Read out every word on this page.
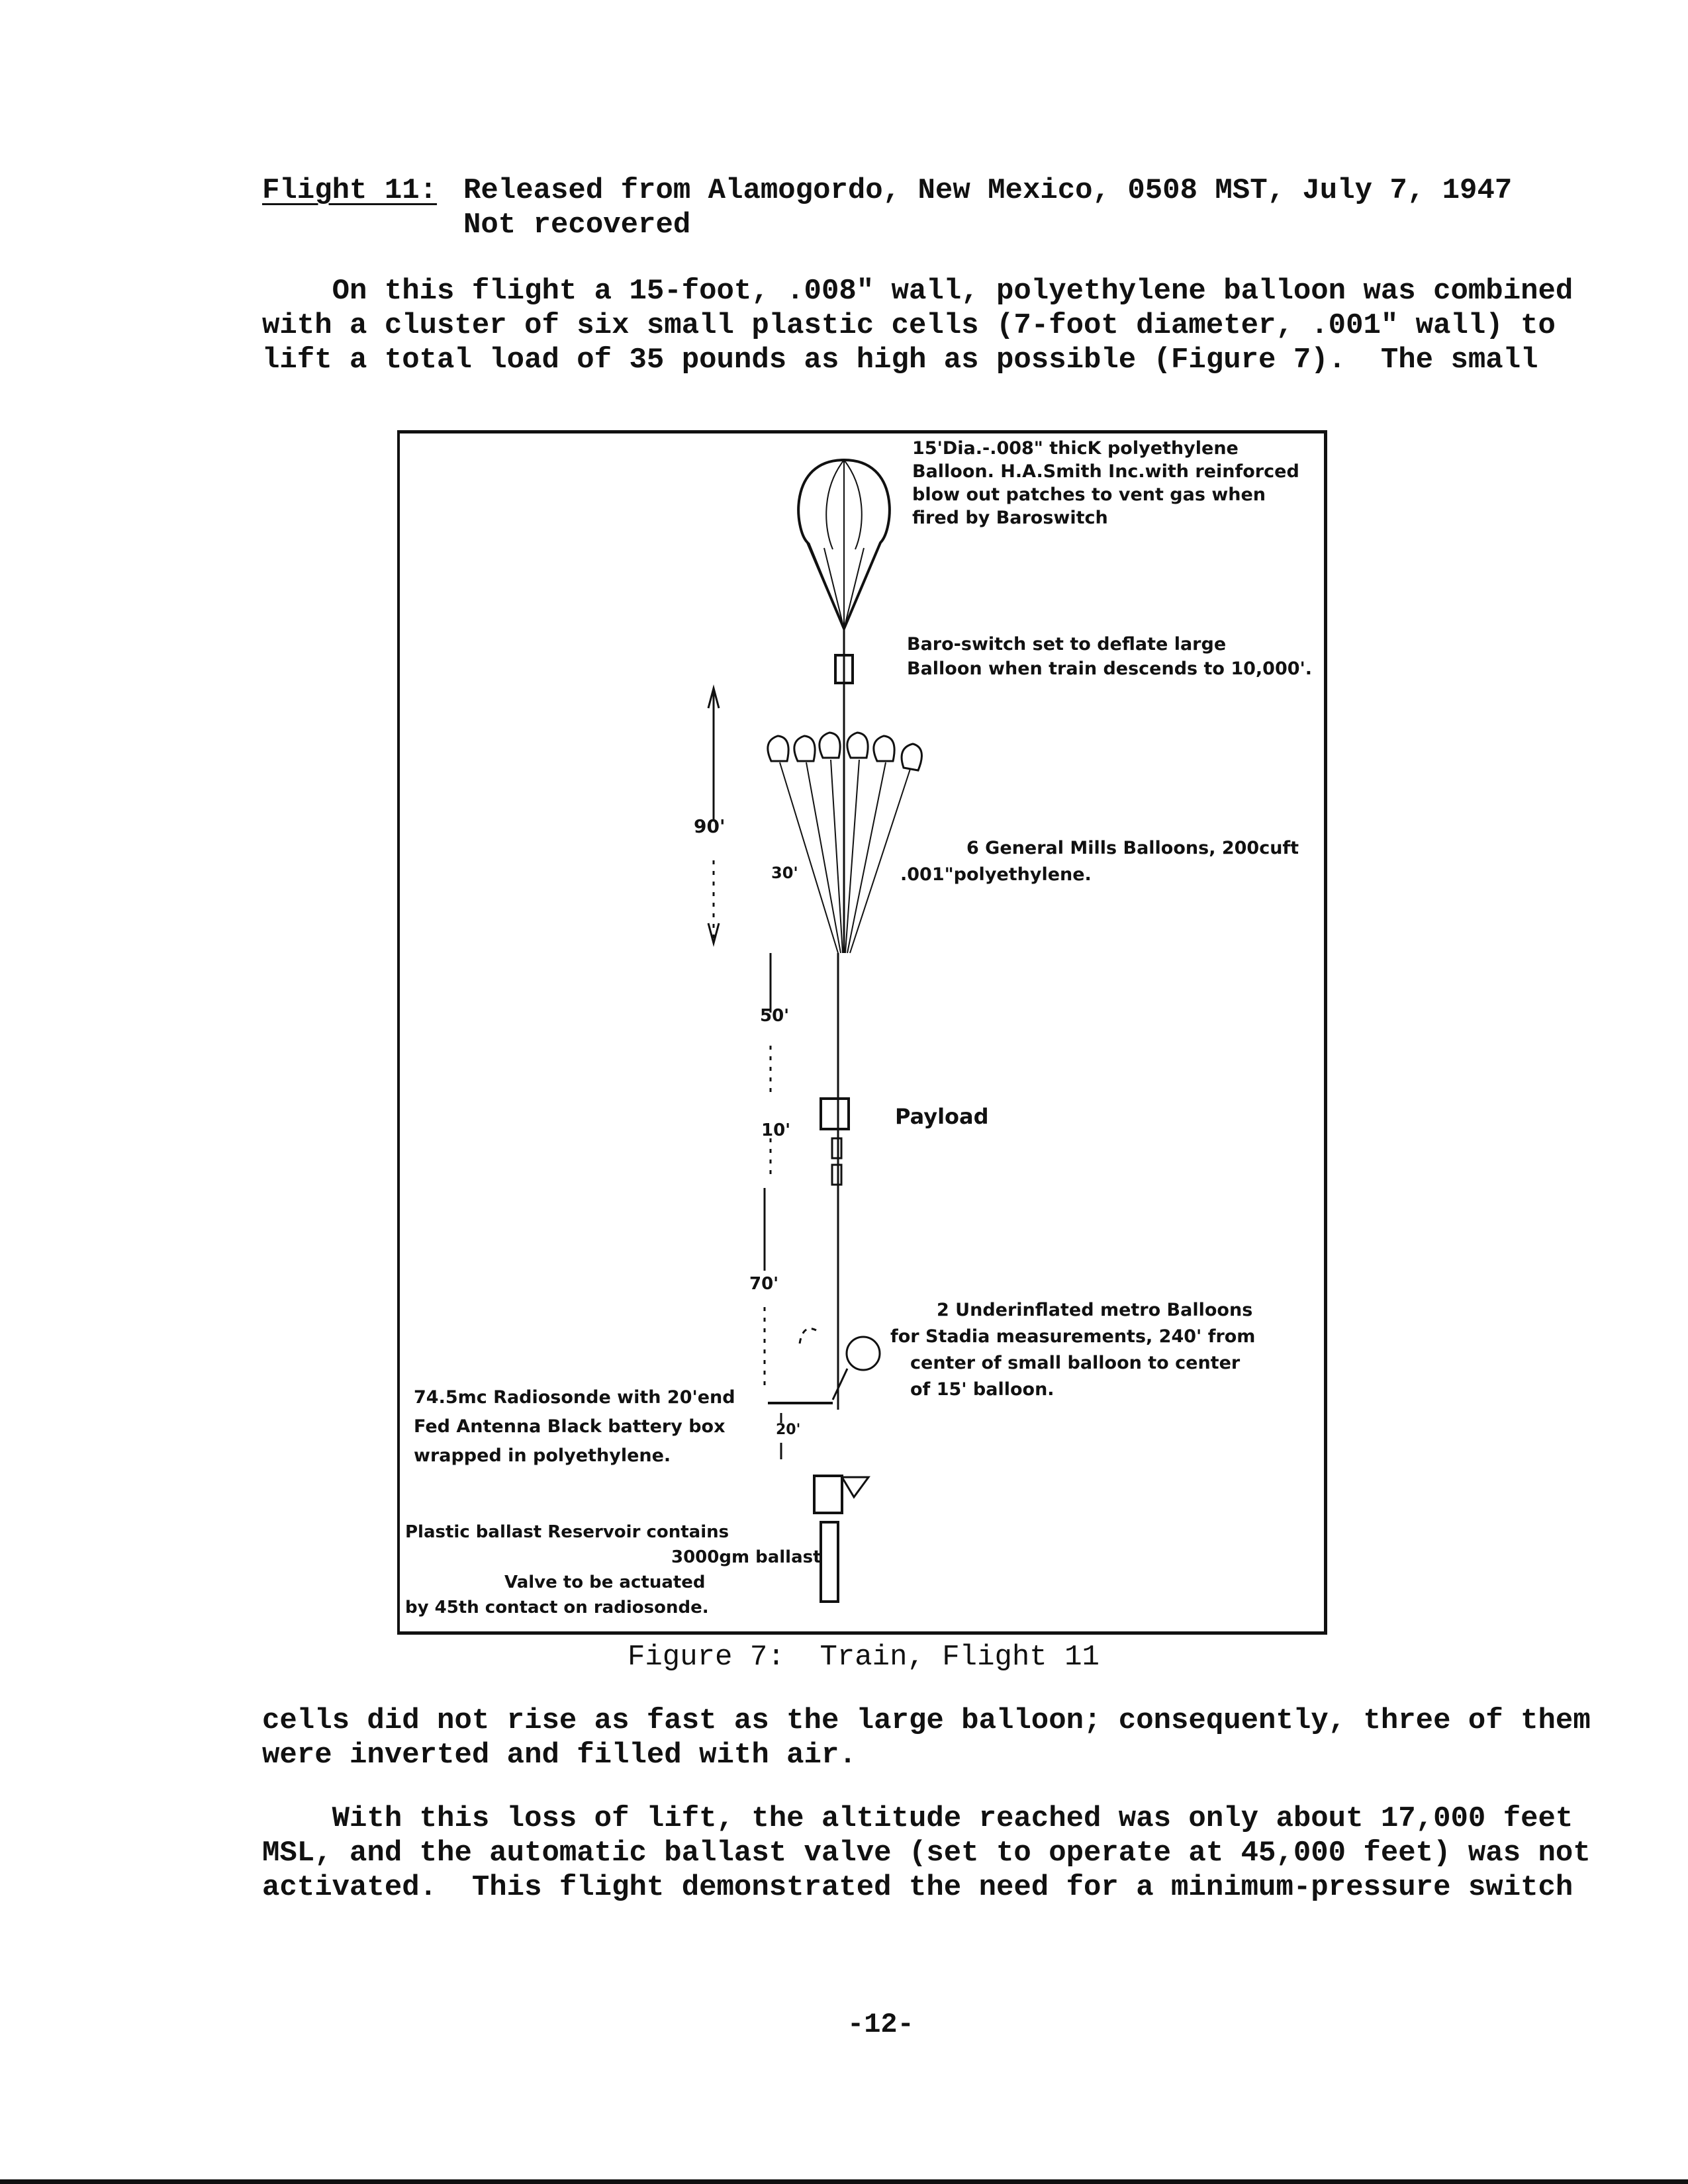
Flight 11: Released from Alamogordo, New Mexico, 0508 MST, July 7, 1947
Not recovered
On this flight a 15-foot, .008" wall, polyethylene balloon was combined
with a cluster of six small plastic cells (7-foot diameter, .001" wall) to
lift a total load of 35 pounds as high as possible (Figure 7).  The small
15'Dia.-.008" thicK polyethylene
Balloon. H.A.Smith Inc.with reinforced
blow out patches to vent gas when
fired by Baroswitch
Baro-switch set to deflate large
Balloon when train descends to 10,000'.
6 General Mills Balloons, 200cuft
.001"polyethylene.
90'
30'
50'
10'
70'
20'
Payload
2 Underinflated metro Balloons
for Stadia measurements, 240' from
center of small balloon to center
of 15' balloon.
74.5mc Radiosonde with 20'end
Fed Antenna Black battery box
wrapped in polyethylene.
Plastic ballast Reservoir contains
3000gm ballast
Valve to be actuated
by 45th contact on radiosonde.
Figure 7:  Train, Flight 11
cells did not rise as fast as the large balloon; consequently, three of them
were inverted and filled with air.
With this loss of lift, the altitude reached was only about 17,000 feet
MSL, and the automatic ballast valve (set to operate at 45,000 feet) was not
activated.  This flight demonstrated the need for a minimum-pressure switch
-12-
